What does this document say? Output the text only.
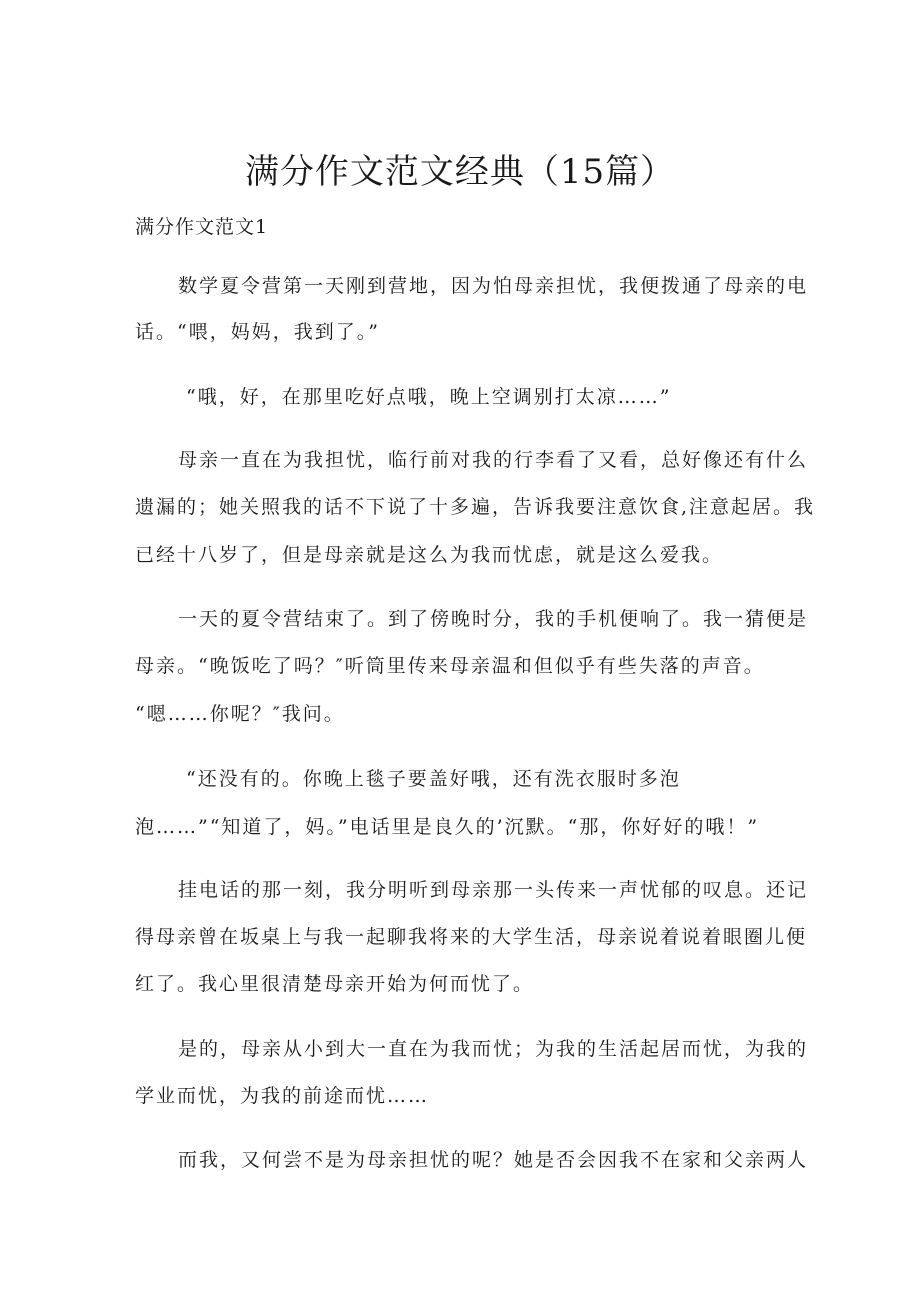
满分作文范文经典（15篇）

满分作文范文1

数学夏令营第一天刚到营地，因为怕母亲担忧，我便拨通了母亲的电
话。“喂，妈妈，我到了。”
“哦，好，在那里吃好点哦，晚上空调别打太凉……”
母亲一直在为我担忧，临行前对我的行李看了又看，总好像还有什么
遗漏的；她关照我的话不下说了十多遍，告诉我要注意饮食,注意起居。我
已经十八岁了，但是母亲就是这么为我而忧虑，就是这么爱我。
一天的夏令营结束了。到了傍晚时分，我的手机便响了。我一猜便是
母亲。“晚饭吃了吗？″听筒里传来母亲温和但似乎有些失落的声音。
“嗯……你呢？″我问。
“还没有的。你晚上毯子要盖好哦，还有洗衣服时多泡
泡……”“知道了，妈。”电话里是良久的’沉默。“那，你好好的哦！”
挂电话的那一刻，我分明听到母亲那一头传来一声忧郁的叹息。还记
得母亲曾在坂桌上与我一起聊我将来的大学生活，母亲说着说着眼圈儿便
红了。我心里很清楚母亲开始为何而忧了。
是的，母亲从小到大一直在为我而忧；为我的生活起居而忧，为我的
学业而忧，为我的前途而忧……
而我，又何尝不是为母亲担忧的呢？她是否会因我不在家和父亲两人
